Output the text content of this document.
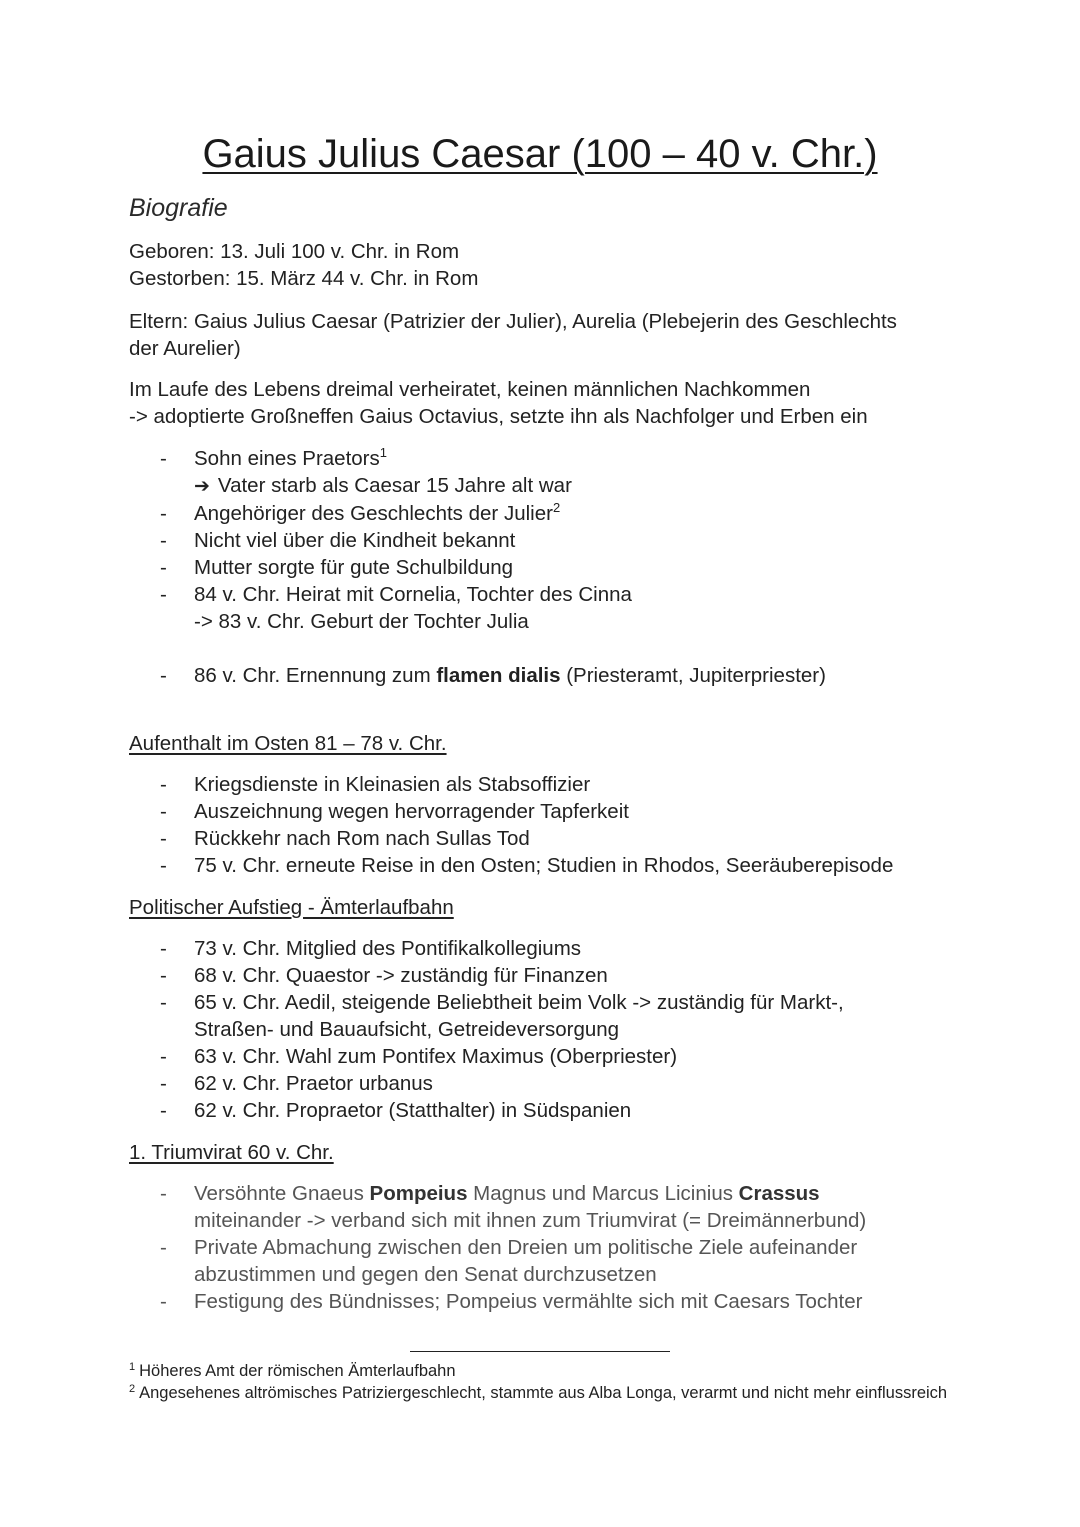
Gaius Julius Caesar (100 – 40 v. Chr.)
Biografie

Geboren: 13. Juli 100 v. Chr. in Rom
Gestorben: 15. März 44 v. Chr. in Rom

Eltern: Gaius Julius Caesar (Patrizier der Julier), Aurelia (Plebejerin des Geschlechts
der Aurelier)

Im Laufe des Lebens dreimal verheiratet, keinen männlichen Nachkommen
-> adoptierte Großneffen Gaius Octavius, setzte ihn als Nachfolger und Erben ein

- Sohn eines Praetors$^1$
➔ Vater starb als Caesar 15 Jahre alt war
- Angehöriger des Geschlechts der Julier$^2$
- Nicht viel über die Kindheit bekannt
- Mutter sorgte für gute Schulbildung
- 84 v. Chr. Heirat mit Cornelia, Tochter des Cinna
-> 83 v. Chr. Geburt der Tochter Julia
- 86 v. Chr. Ernennung zum flamen dialis (Priesteramt, Jupiterpriester)
Aufenthalt im Osten 81 – 78 v. Chr.
- Kriegsdienste in Kleinasien als Stabsoffizier
- Auszeichnung wegen hervorragender Tapferkeit
- Rückkehr nach Rom nach Sullas Tod
- 75 v. Chr. erneute Reise in den Osten; Studien in Rhodos, Seeräuberepisode
Politischer Aufstieg - Ämterlaufbahn
- 73 v. Chr. Mitglied des Pontifikalkollegiums
- 68 v. Chr. Quaestor -> zuständig für Finanzen
- 65 v. Chr. Aedil, steigende Beliebtheit beim Volk -> zuständig für Markt-,
Straßen- und Bauaufsicht, Getreideversorgung
- 63 v. Chr. Wahl zum Pontifex Maximus (Oberpriester)
- 62 v. Chr. Praetor urbanus
- 62 v. Chr. Propraetor (Statthalter) in Südspanien
1. Triumvirat 60 v. Chr.
- Versöhnte Gnaeus Pompeius Magnus und Marcus Licinius Crassus
miteinander -> verband sich mit ihnen zum Triumvirat (= Dreimännerbund)
- Private Abmachung zwischen den Dreien um politische Ziele aufeinander
abzustimmen und gegen den Senat durchzusetzen
- Festigung des Bündnisses; Pompeius vermählte sich mit Caesars Tochter

$^1$ Höheres Amt der römischen Ämterlaufbahn

$^2$ Angesehenes altrömisches Patriziergeschlecht, stammte aus Alba Longa, verarmt und nicht mehr einflussreich
